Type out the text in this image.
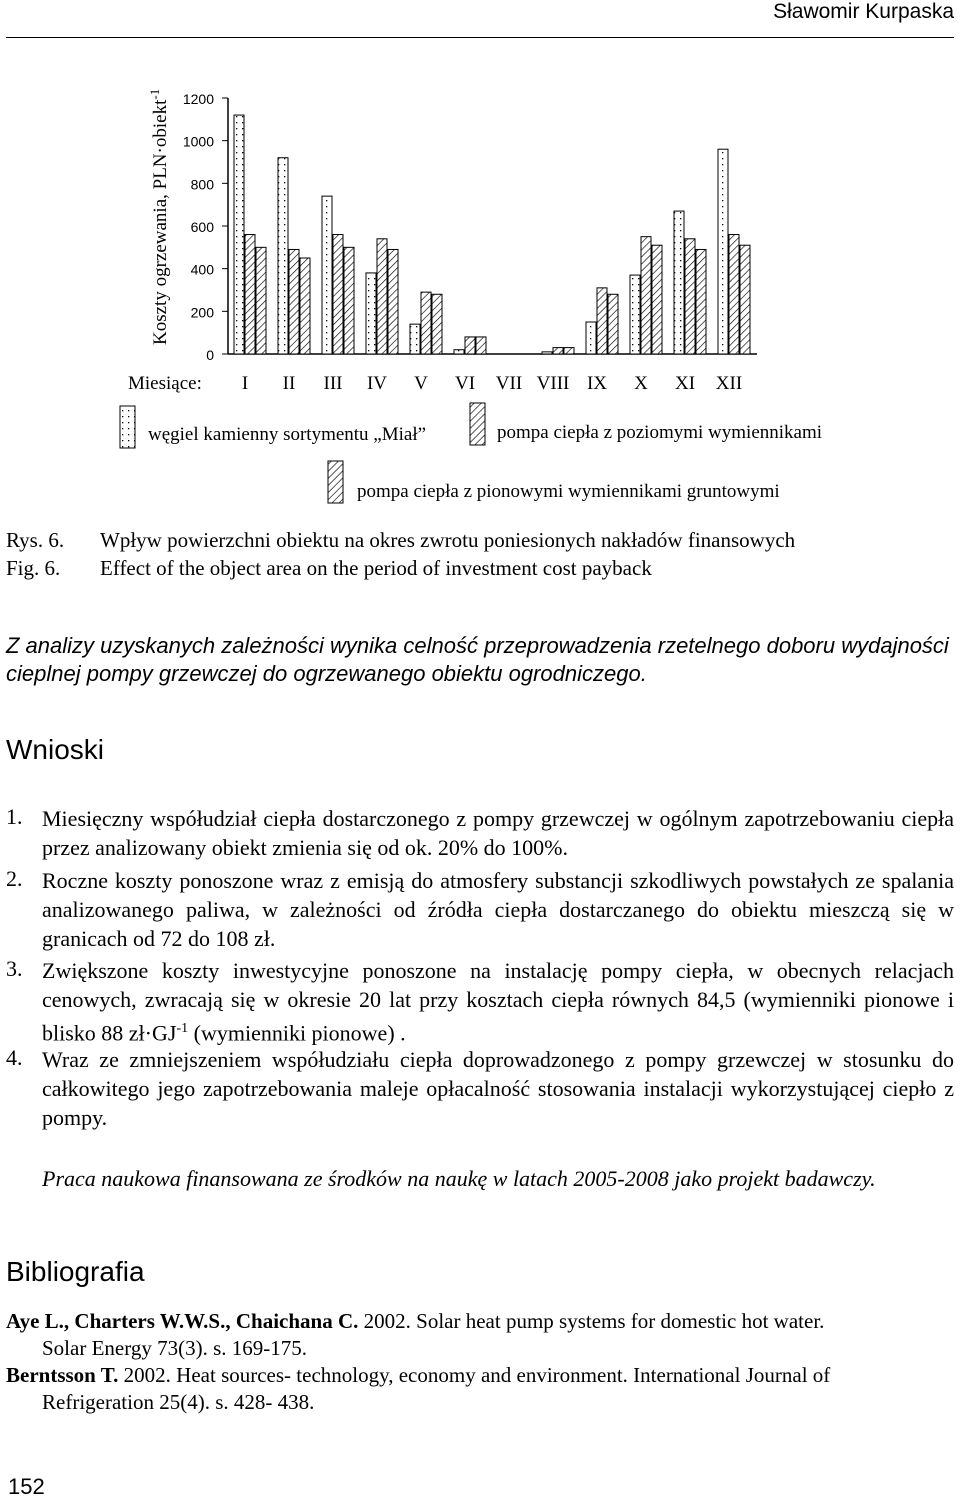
Sławomir Kurpaska
Koszty ogrzewania, PLN·obiekt$^{-1}$
0
200
400
600
800
1000
1200
Miesiące: I II III IV V VI VII VIII IX X XI XII
węgiel kamienny sortymentu „Miał”	pompa ciepła z poziomymi wymiennikami
pompa ciepła z pionowymi wymiennikami gruntowymi
Rys. 6. Wpływ powierzchni obiektu na okres zwrotu poniesionych nakładów finansowych
Fig. 6. Effect of the object area on the period of investment cost payback
Z analizy uzyskanych zależności wynika celność przeprowadzenia rzetelnego doboru wydajności cieplnej pompy grzewczej do ogrzewanego obiektu ogrodniczego.
Wnioski
1. Miesięczny współudział ciepła dostarczonego z pompy grzewczej w ogólnym zapotrzebowaniu ciepła przez analizowany obiekt zmienia się od ok. 20% do 100%.
2. Roczne koszty ponoszone wraz z emisją do atmosfery substancji szkodliwych powstałych ze spalania analizowanego paliwa, w zależności od źródła ciepła dostarczanego do obiektu mieszczą się w granicach od 72 do 108 zł.
3. Zwiększone koszty inwestycyjne ponoszone na instalację pompy ciepła, w obecnych relacjach cenowych, zwracają się w okresie 20 lat przy kosztach ciepła równych 84,5 (wymienniki pionowe i blisko 88 $zł\cdot GJ^{-1}$ (wymienniki pionowe) .
4. Wraz ze zmniejszeniem współudziału ciepła doprowadzonego z pompy grzewczej w stosunku do całkowitego jego zapotrzebowania maleje opłacalność stosowania instalacji wykorzystującej ciepło z pompy.
Praca naukowa finansowana ze środków na naukę w latach 2005-2008 jako projekt badawczy.
Bibliografia
Aye L., Charters W.W.S., Chaichana C. 2002. Solar heat pump systems for domestic hot water.
Solar Energy 73(3). s. 169-175.
Berntsson T. 2002. Heat sources- technology, economy and environment. International Journal of
Refrigeration 25(4). s. 428- 438.
152
